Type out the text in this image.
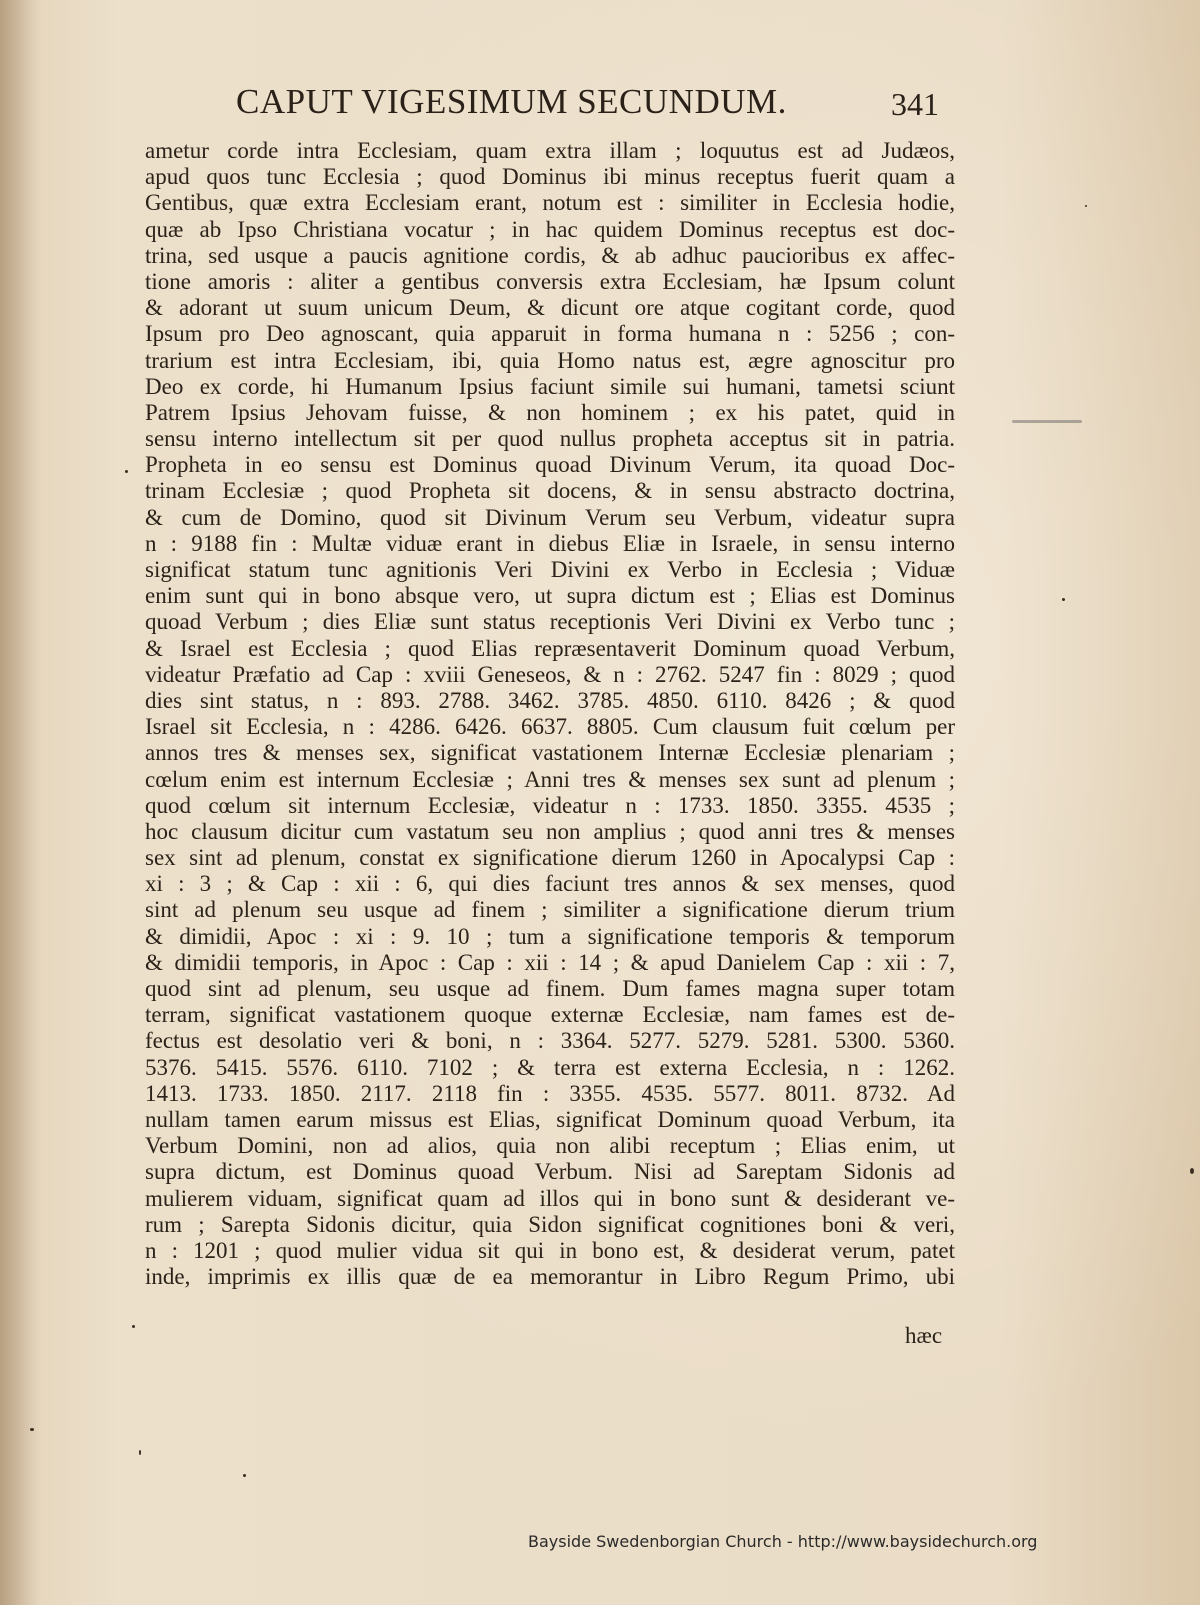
CAPUT VIGESIMUM SECUNDUM.	341
ametur corde intra Ecclesiam, quam extra illam ; loquutus est ad Judæos,
apud quos tunc Ecclesia ; quod Dominus ibi minus receptus fuerit quam a
Gentibus, quæ extra Ecclesiam erant, notum est : similiter in Ecclesia hodie,
quæ ab Ipso Christiana vocatur ; in hac quidem Dominus receptus est doc-
trina, sed usque a paucis agnitione cordis, & ab adhuc paucioribus ex affec-
tione amoris : aliter a gentibus conversis extra Ecclesiam, hæ Ipsum colunt
& adorant ut suum unicum Deum, & dicunt ore atque cogitant corde, quod
Ipsum pro Deo agnoscant, quia apparuit in forma humana n : 5256 ; con-
trarium est intra Ecclesiam, ibi, quia Homo natus est, ægre agnoscitur pro
Deo ex corde, hi Humanum Ipsius faciunt simile sui humani, tametsi sciunt
Patrem Ipsius Jehovam fuisse, & non hominem ; ex his patet, quid in
sensu interno intellectum sit per quod nullus propheta acceptus sit in patria.
Propheta in eo sensu est Dominus quoad Divinum Verum, ita quoad Doc-
trinam Ecclesiæ ; quod Propheta sit docens, & in sensu abstracto doctrina,
& cum de Domino, quod sit Divinum Verum seu Verbum, videatur supra
n : 9188 fin : Multæ viduæ erant in diebus Eliæ in Israele, in sensu interno
significat statum tunc agnitionis Veri Divini ex Verbo in Ecclesia ; Viduæ
enim sunt qui in bono absque vero, ut supra dictum est ; Elias est Dominus
quoad Verbum ; dies Eliæ sunt status receptionis Veri Divini ex Verbo tunc ;
& Israel est Ecclesia ; quod Elias repræsentaverit Dominum quoad Verbum,
videatur Præfatio ad Cap : xviii Geneseos, & n : 2762. 5247 fin : 8029 ; quod
dies sint status, n : 893. 2788. 3462. 3785. 4850. 6110. 8426 ; & quod
Israel sit Ecclesia, n : 4286. 6426. 6637. 8805. Cum clausum fuit cœlum per
annos tres & menses sex, significat vastationem Internæ Ecclesiæ plenariam ;
cœlum enim est internum Ecclesiæ ; Anni tres & menses sex sunt ad plenum ;
quod cœlum sit internum Ecclesiæ, videatur n : 1733. 1850. 3355. 4535 ;
hoc clausum dicitur cum vastatum seu non amplius ; quod anni tres & menses
sex sint ad plenum, constat ex significatione dierum 1260 in Apocalypsi Cap :
xi : 3 ; & Cap : xii : 6, qui dies faciunt tres annos & sex menses, quod
sint ad plenum seu usque ad finem ; similiter a significatione dierum trium
& dimidii, Apoc : xi : 9. 10 ; tum a significatione temporis & temporum
& dimidii temporis, in Apoc : Cap : xii : 14 ; & apud Danielem Cap : xii : 7,
quod sint ad plenum, seu usque ad finem. Dum fames magna super totam
terram, significat vastationem quoque externæ Ecclesiæ, nam fames est de-
fectus est desolatio veri & boni, n : 3364. 5277. 5279. 5281. 5300. 5360.
5376. 5415. 5576. 6110. 7102 ; & terra est externa Ecclesia, n : 1262.
1413. 1733. 1850. 2117. 2118 fin : 3355. 4535. 5577. 8011. 8732. Ad
nullam tamen earum missus est Elias, significat Dominum quoad Verbum, ita
Verbum Domini, non ad alios, quia non alibi receptum ; Elias enim, ut
supra dictum, est Dominus quoad Verbum. Nisi ad Sareptam Sidonis ad
mulierem viduam, significat quam ad illos qui in bono sunt & desiderant ve-
rum ; Sarepta Sidonis dicitur, quia Sidon significat cognitiones boni & veri,
n : 1201 ; quod mulier vidua sit qui in bono est, & desiderat verum, patet
inde, imprimis ex illis quæ de ea memorantur in Libro Regum Primo, ubi
hæc
Bayside Swedenborgian Church - http://www.baysidechurch.org
